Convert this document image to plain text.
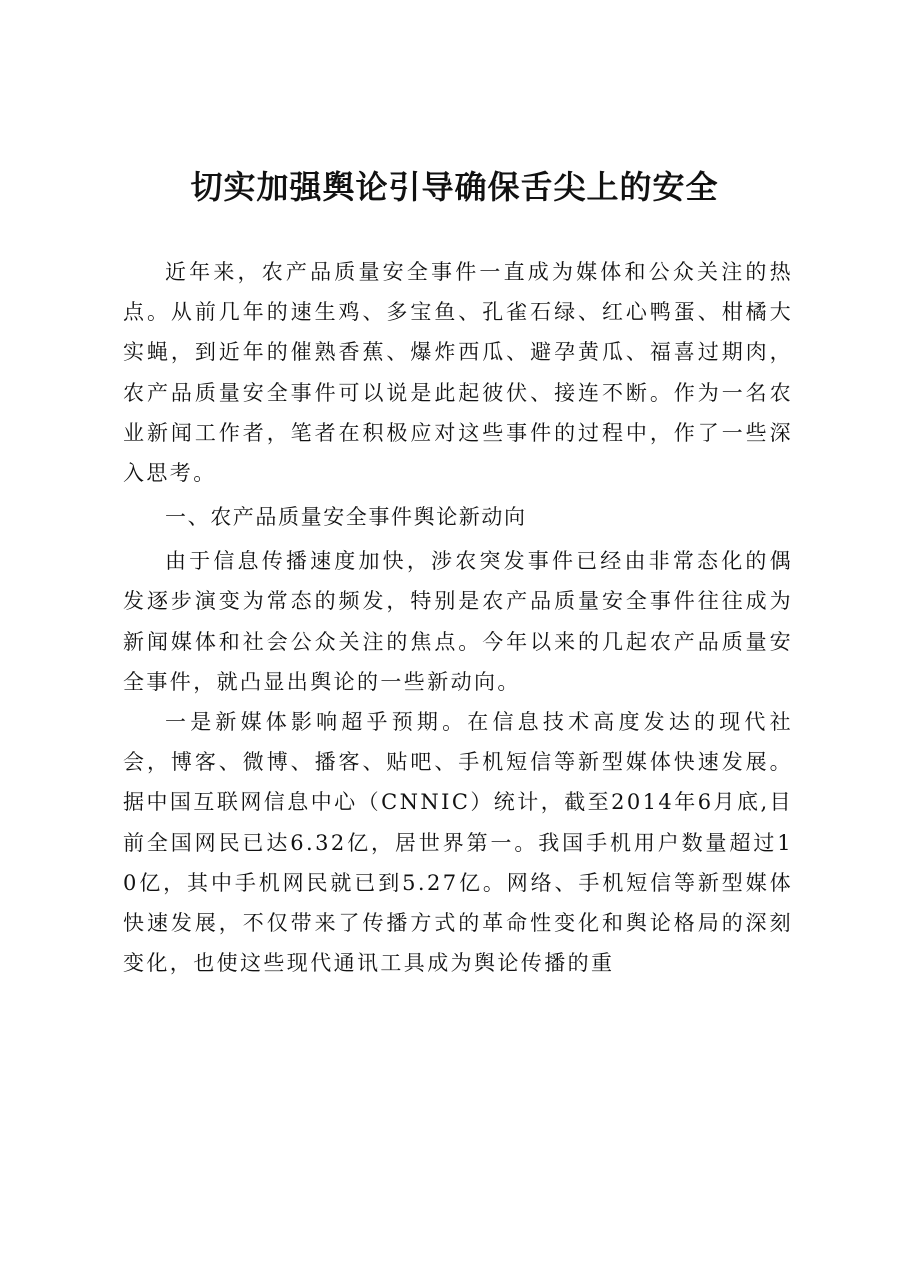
切实加强舆论引导确保舌尖上的安全

近年来，农产品质量安全事件一直成为媒体和公众关注的热点。从前几年的速生鸡、多宝鱼、孔雀石绿、红心鸭蛋、柑橘大实蝇，到近年的催熟香蕉、爆炸西瓜、避孕黄瓜、福喜过期肉，农产品质量安全事件可以说是此起彼伏、接连不断。作为一名农业新闻工作者，笔者在积极应对这些事件的过程中，作了一些深入思考。

一、农产品质量安全事件舆论新动向

由于信息传播速度加快，涉农突发事件已经由非常态化的偶发逐步演变为常态的频发，特别是农产品质量安全事件往往成为新闻媒体和社会公众关注的焦点。今年以来的几起农产品质量安全事件，就凸显出舆论的一些新动向。

一是新媒体影响超乎预期。在信息技术高度发达的现代社会，博客、微博、播客、贴吧、手机短信等新型媒体快速发展。据中国互联网信息中心（CNNIC）统计，截至2014年6月底,目前全国网民已达6.32亿，居世界第一。我国手机用户数量超过10亿，其中手机网民就已到5.27亿。网络、手机短信等新型媒体快速发展，不仅带来了传播方式的革命性变化和舆论格局的深刻变化，也使这些现代通讯工具成为舆论传播的重
